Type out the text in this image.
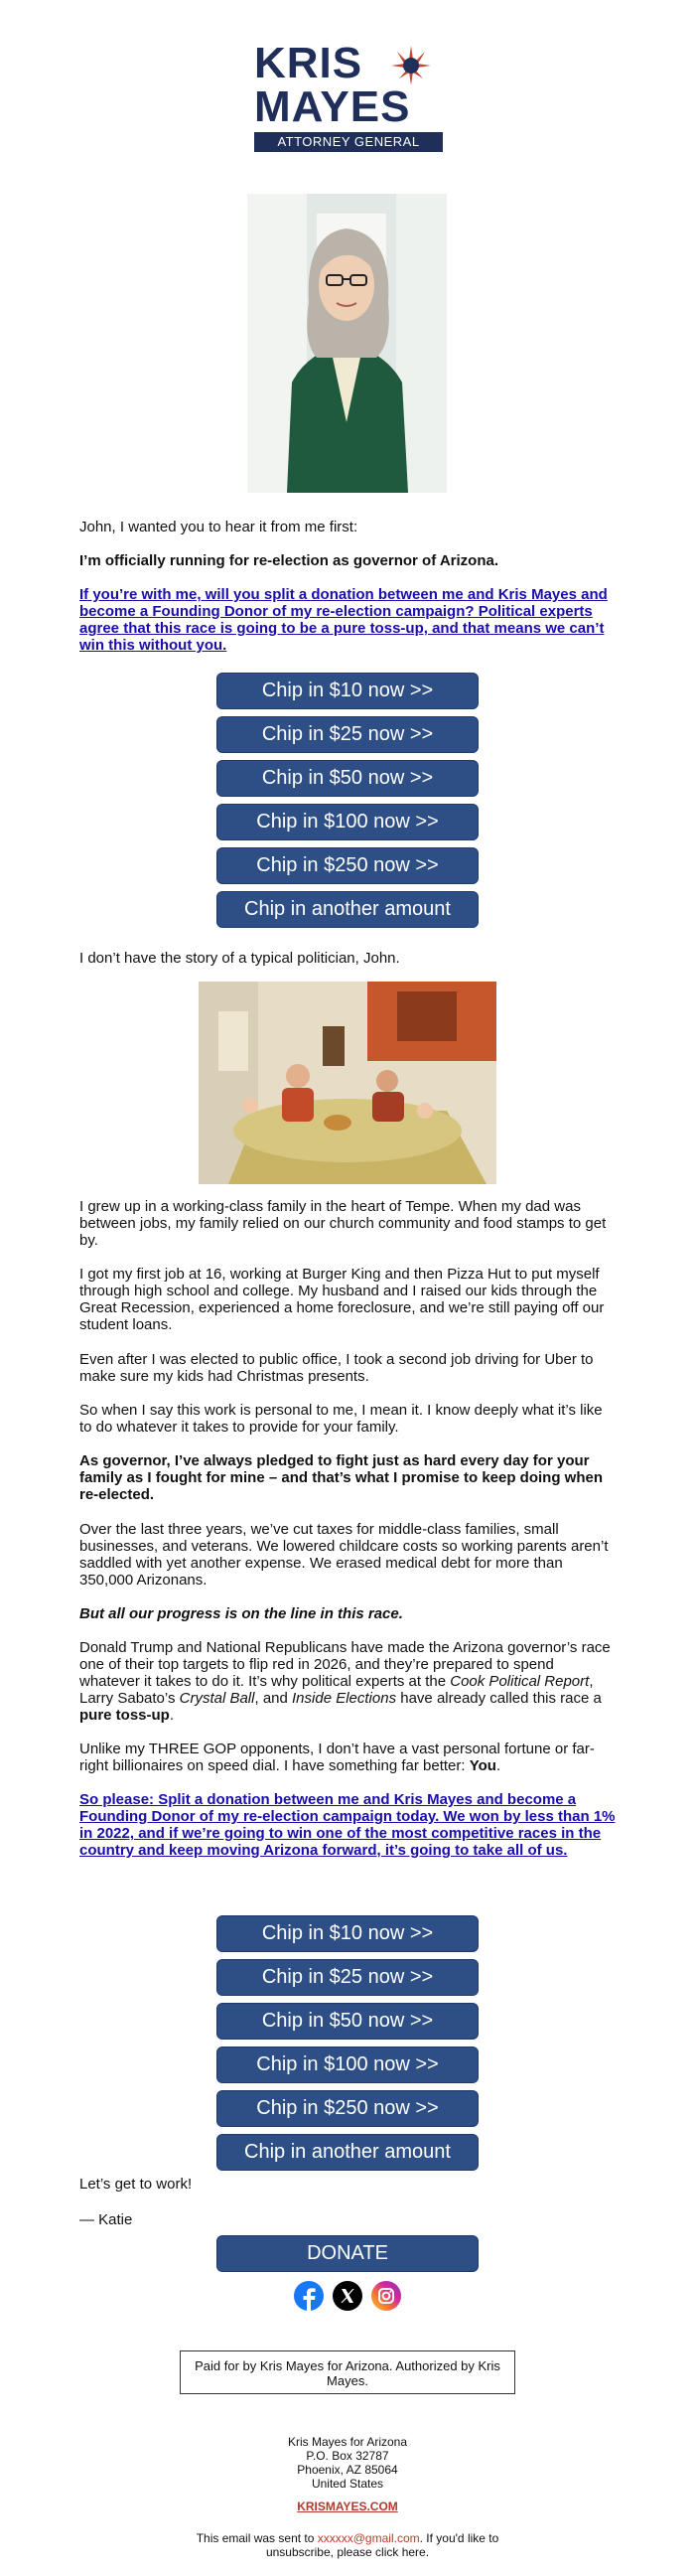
KRIS
MAYES
ATTORNEY GENERAL

John, I wanted you to hear it from me first:

I’m officially running for re-election as governor of Arizona.

If you’re with me, will you split a donation between me and Kris Mayes and become a Founding Donor of my re-election campaign? Political experts agree that this race is going to be a pure toss-up, and that means we can’t win this without you.
Chip in $10 now >>
Chip in $25 now >>
Chip in $50 now >>
Chip in $100 now >>
Chip in $250 now >>
Chip in another amount

I don’t have the story of a typical politician, John.

I grew up in a working-class family in the heart of Tempe. When my dad was between jobs, my family relied on our church community and food stamps to get by.

I got my first job at 16, working at Burger King and then Pizza Hut to put myself through high school and college. My husband and I raised our kids through the Great Recession, experienced a home foreclosure, and we’re still paying off our student loans.

Even after I was elected to public office, I took a second job driving for Uber to make sure my kids had Christmas presents.

So when I say this work is personal to me, I mean it. I know deeply what it’s like to do whatever it takes to provide for your family.

As governor, I’ve always pledged to fight just as hard every day for your family as I fought for mine – and that’s what I promise to keep doing when re-elected.

Over the last three years, we’ve cut taxes for middle-class families, small businesses, and veterans. We lowered childcare costs so working parents aren’t saddled with yet another expense. We erased medical debt for more than 350,000 Arizonans.

But all our progress is on the line in this race.

Donald Trump and National Republicans have made the Arizona governor’s race one of their top targets to flip red in 2026, and they’re prepared to spend whatever it takes to do it. It’s why political experts at the Cook Political Report, Larry Sabato’s Crystal Ball, and Inside Elections have already called this race a pure toss-up.

Unlike my THREE GOP opponents, I don’t have a vast personal fortune or far-right billionaires on speed dial. I have something far better: You.

So please: Split a donation between me and Kris Mayes and become a Founding Donor of my re-election campaign today. We won by less than 1% in 2022, and if we’re going to win one of the most competitive races in the country and keep moving Arizona forward, it’s going to take all of us.
Chip in $10 now >>
Chip in $25 now >>
Chip in $50 now >>
Chip in $100 now >>
Chip in $250 now >>
Chip in another amount

Let’s get to work!

— Katie

DONATE
Paid for by Kris Mayes for Arizona. Authorized by Kris Mayes.

Kris Mayes for Arizona

P.O. Box 32787

Phoenix, AZ 85064

United States

KRISMAYES.COM

This email was sent to xxxxxx@gmail.com. If you'd like to unsubscribe, please click here.
